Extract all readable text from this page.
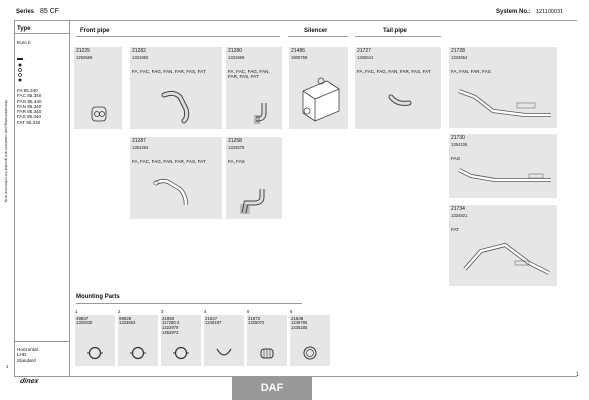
Series 85 CF	System No.: 121100031
Type
Euro II
.
FA 85.340
FAC 85.340
FAG 85.340
FAN 85.340
FAR 85.340
FAS 85.340
FAT 85.340
Manufacturing part numbers are quoted for reference only
Horizontal
LHD
Standard
Front pipe	Silencer	Tail pipe
21225
1292569
21282
1331950
FA, FAC, FAG, FAN, FAR, FAS, FAT
21280
1331659
FA, FAC, FAG, FAN, FAR, FAS, FAT
21486
1905769
21727
1336641
FA, FAC, FAG, FAN, FAR, FAS, FAT
21728
1333654
FA, FAN, FAR, FAS
21287
1354284
FA, FAC, FAG, FAN, FAR, FAS, FAT
21258
1333578
FA, FAS
21730
1354106
FAG
21734
1334821
FAT
Mounting Parts
1
49837
1302830
2
99928
1333653
3
21850
117280-3
1222979
1452973
4
21847
1249187
5
21872
1325072
6
21848
1249785
1436185
1
1
dinex
DAF
